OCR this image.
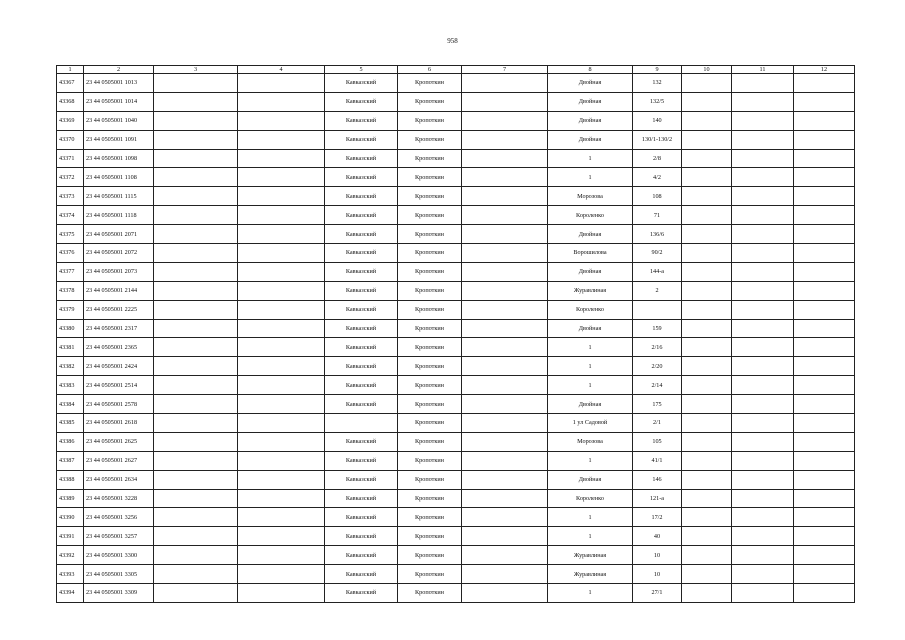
958
1	2	3	4	5	6	7	8	9	10	11	12
43367	23 44 0505001 1013			Кавказский	Кропоткин		Двойная	132			
43368	23 44 0505001 1014			Кавказский	Кропоткин		Двойная	132/5			
43369	23 44 0505001 1040			Кавказский	Кропоткин		Двойная	140			
43370	23 44 0505001 1091			Кавказский	Кропоткин		Двойная	130/1-130/2			
43371	23 44 0505001 1098			Кавказский	Кропоткин		1	2/8			
43372	23 44 0505001 1108			Кавказский	Кропоткин		1	4/2			
43373	23 44 0505001 1115			Кавказский	Кропоткин		Морозова	108			
43374	23 44 0505001 1118			Кавказский	Кропоткин		Короленко	71			
43375	23 44 0505001 2071			Кавказский	Кропоткин		Двойная	136/6			
43376	23 44 0505001 2072			Кавказский	Кропоткин		Ворошилова	90/2			
43377	23 44 0505001 2073			Кавказский	Кропоткин		Двойная	144-а			
43378	23 44 0505001 2144			Кавказский	Кропоткин		Журавлиная	2			
43379	23 44 0505001 2225			Кавказский	Кропоткин		Короленко				
43380	23 44 0505001 2317			Кавказский	Кропоткин		Двойная	159			
43381	23 44 0505001 2365			Кавказский	Кропоткин		1	2/16			
43382	23 44 0505001 2424			Кавказский	Кропоткин		1	2/20			
43383	23 44 0505001 2514			Кавказский	Кропоткин		1	2/14			
43384	23 44 0505001 2578			Кавказский	Кропоткин		Двойная	175			
43385	23 44 0505001 2618				Кропоткин		1 ул Садовой	2/1			
43386	23 44 0505001 2625			Кавказский	Кропоткин		Морозова	105			
43387	23 44 0505001 2627			Кавказский	Кропоткин		1	41/1			
43388	23 44 0505001 2634			Кавказский	Кропоткин		Двойная	146			
43389	23 44 0505001 3228			Кавказский	Кропоткин		Короленко	121-а			
43390	23 44 0505001 3256			Кавказский	Кропоткин		1	17/2			
43391	23 44 0505001 3257			Кавказский	Кропоткин		1	40			
43392	23 44 0505001 3300			Кавказский	Кропоткин		Журавлиная	10			
43393	23 44 0505001 3305			Кавказский	Кропоткин		Журавлиная	10			
43394	23 44 0505001 3309			Кавказский	Кропоткин		1	27/1			
